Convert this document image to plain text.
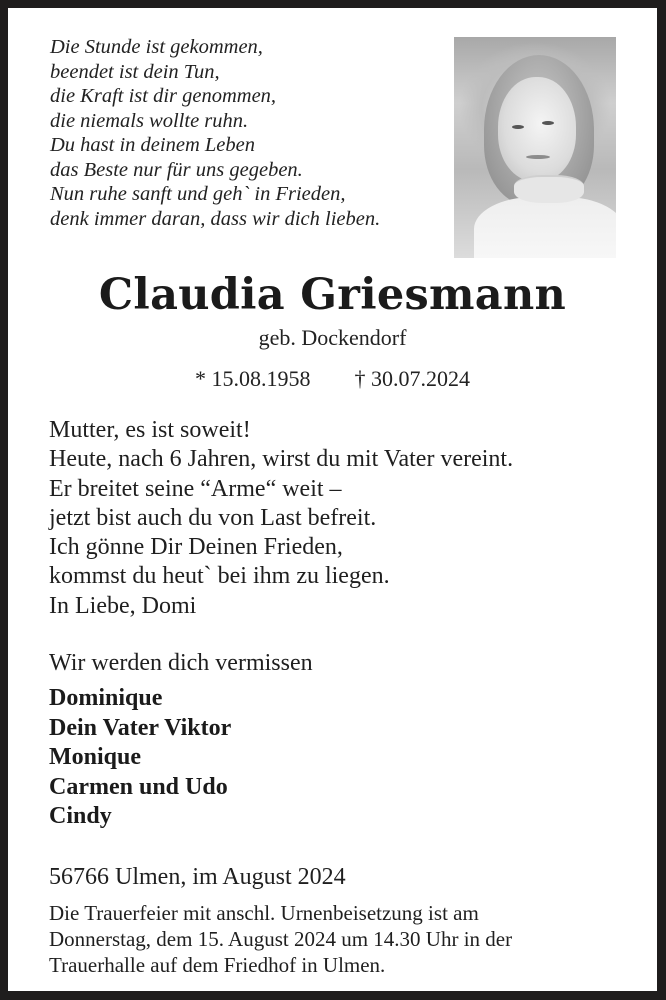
Die Stunde ist gekommen,
beendet ist dein Tun,
die Kraft ist dir genommen,
die niemals wollte ruhn.
Du hast in deinem Leben
das Beste nur für uns gegeben.
Nun ruhe sanft und geh` in Frieden,
denk immer daran, dass wir dich lieben.
Claudia Griesmann
geb. Dockendorf
* 15.08.1958 † 30.07.2024
Mutter, es ist soweit!
Heute, nach 6 Jahren, wirst du mit Vater vereint.
Er breitet seine “Arme“ weit –
jetzt bist auch du von Last befreit.
Ich gönne Dir Deinen Frieden,
kommst du heut` bei ihm zu liegen.
In Liebe, Domi
Wir werden dich vermissen
Dominique
Dein Vater Viktor
Monique
Carmen und Udo
Cindy
56766 Ulmen, im August 2024
Die Trauerfeier mit anschl. Urnenbeisetzung ist am
Donnerstag, dem 15. August 2024 um 14.30 Uhr in der
Trauerhalle auf dem Friedhof in Ulmen.
